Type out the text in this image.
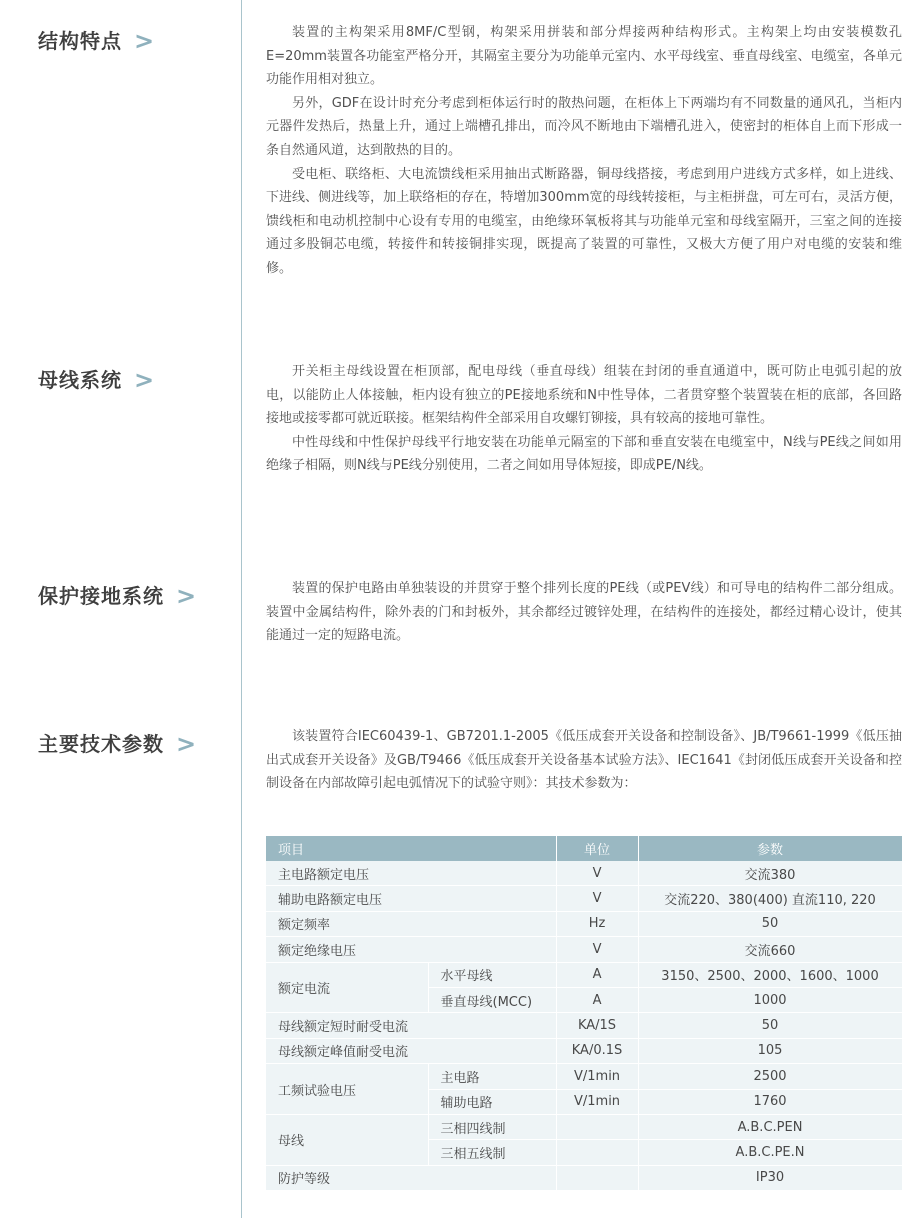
结构特点 >	装置的主构架采用8MF/C型钢，构架采用拼装和部分焊接两种结构形式。主构架上均由安装模数孔E=20mm装置各功能室严格分开，其隔室主要分为功能单元室内、水平母线室、垂直母线室、电缆室，各单元功能作用相对独立。

另外，GDF在设计时充分考虑到柜体运行时的散热问题，在柜体上下两端均有不同数量的通风孔，当柜内元器件发热后，热量上升，通过上端槽孔排出，而冷风不断地由下端槽孔进入，使密封的柜体自上而下形成一条自然通风道，达到散热的目的。

受电柜、联络柜、大电流馈线柜采用抽出式断路器，铜母线搭接，考虑到用户进线方式多样，如上进线、下进线、侧进线等，加上联络柜的存在，特增加300mm宽的母线转接柜，与主柜拼盘，可左可右，灵活方便，馈线柜和电动机控制中心设有专用的电缆室，由绝缘环氧板将其与功能单元室和母线室隔开，三室之间的连接通过多股铜芯电缆，转接件和转接铜排实现，既提高了装置的可靠性，又极大方便了用户对电缆的安装和维修。

母线系统 >	开关柜主母线设置在柜顶部，配电母线（垂直母线）组装在封闭的垂直通道中，既可防止电弧引起的放电，以能防止人体接触，柜内设有独立的PE接地系统和N中性导体，二者贯穿整个装置装在柜的底部，各回路接地或接零都可就近联接。框架结构件全部采用自攻螺钉铆接，具有较高的接地可靠性。

中性母线和中性保护母线平行地安装在功能单元隔室的下部和垂直安装在电缆室中，N线与PE线之间如用绝缘子相隔，则N线与PE线分别使用，二者之间如用导体短接，即成PE/N线。

保护接地系统 >	装置的保护电路由单独装设的并贯穿于整个排列长度的PE线（或PEV线）和可导电的结构件二部分组成。装置中金属结构件，除外表的门和封板外，其余都经过镀锌处理，在结构件的连接处，都经过精心设计，使其能通过一定的短路电流。

主要技术参数 >	该装置符合IEC60439-1、GB7201.1-2005《低压成套开关设备和控制设备》、JB/T9661-1999《低压抽出式成套开关设备》及GB/T9466《低压成套开关设备基本试验方法》、IEC1641《封闭低压成套开关设备和控制设备在内部故障引起电弧情况下的试验守则》：其技术参数为：

项目		单位	参数
主电路额定电压		V	交流380
辅助电路额定电压		V	交流220、380(400) 直流110, 220
额定频率		Hz	50
额定绝缘电压		V	交流660
额定电流	水平母线	A	3150、2500、2000、1600、1000
	垂直母线(MCC)	A	1000
母线额定短时耐受电流		KA/1S	50
母线额定峰值耐受电流		KA/0.1S	105
工频试验电压	主电路	V/1min	2500
	辅助电路	V/1min	1760
母线	三相四线制		A.B.C.PEN
	三相五线制		A.B.C.PE.N
防护等级			IP30
